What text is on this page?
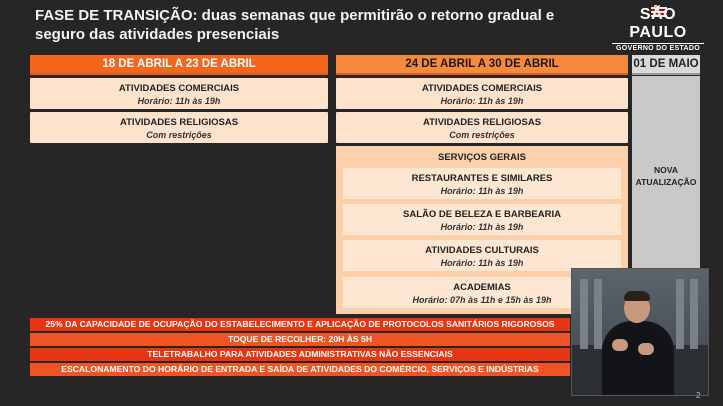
FASE DE TRANSIÇÃO: duas semanas que permitirão o retorno gradual e seguro das atividades presenciais
SÃO PAULO
GOVERNO DO ESTADO
18 DE ABRIL A 23 DE ABRIL
ATIVIDADES COMERCIAIS
Horário: 11h às 19h
ATIVIDADES RELIGIOSAS
Com restrições
24 DE ABRIL A 30 DE ABRIL
ATIVIDADES COMERCIAIS
Horário: 11h às 19h
ATIVIDADES RELIGIOSAS
Com restrições
SERVIÇOS GERAIS
RESTAURANTES E SIMILARES
Horário: 11h às 19h
SALÃO DE BELEZA E BARBEARIA
Horário: 11h às 19h
ATIVIDADES CULTURAIS
Horário: 11h às 19h
ACADEMIAS
Horário: 07h às 11h e 15h às 19h
01 DE MAIO
NOVA
ATUALIZAÇÃO
25% DA CAPACIDADE DE OCUPAÇÃO DO ESTABELECIMENTO E APLICAÇÃO DE PROTOCOLOS SANITÁRIOS RIGOROSOS
TOQUE DE RECOLHER: 20H ÀS 5H
TELETRABALHO PARA ATIVIDADES ADMINISTRATIVAS NÃO ESSENCIAIS
ESCALONAMENTO DO HORÁRIO DE ENTRADA E SAÍDA DE ATIVIDADES DO COMÉRCIO, SERVIÇOS E INDÚSTRIAS
2
